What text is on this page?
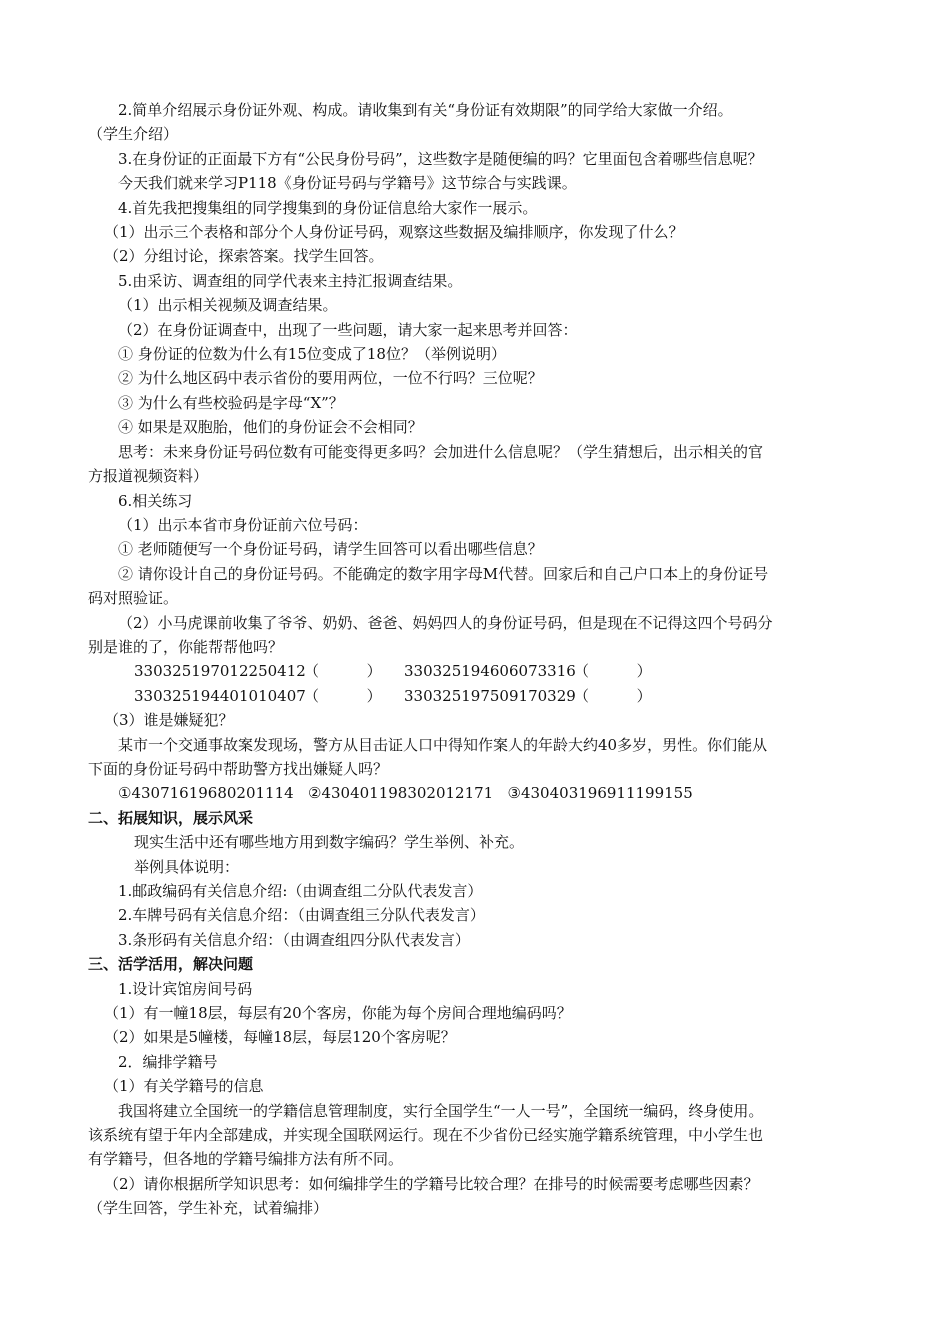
2.简单介绍展示身份证外观、构成。请收集到有关“身份证有效期限”的同学给大家做一介绍。

（学生介绍）

3.在身份证的正面最下方有“公民身份号码”，这些数字是随便编的吗？它里面包含着哪些信息呢？

今天我们就来学习P118《身份证号码与学籍号》这节综合与实践课。

4.首先我把搜集组的同学搜集到的身份证信息给大家作一展示。

（1）出示三个表格和部分个人身份证号码，观察这些数据及编排顺序，你发现了什么？

（2）分组讨论，探索答案。找学生回答。

5.由采访、调查组的同学代表来主持汇报调查结果。

（1）出示相关视频及调查结果。

（2）在身份证调查中，出现了一些问题，请大家一起来思考并回答：

① 身份证的位数为什么有15位变成了18位？（举例说明）

② 为什么地区码中表示省份的要用两位，一位不行吗？三位呢？

③ 为什么有些校验码是字母“X”？

④ 如果是双胞胎，他们的身份证会不会相同？

思考：未来身份证号码位数有可能变得更多吗？会加进什么信息呢？（学生猜想后，出示相关的官

方报道视频资料）

6.相关练习

（1）出示本省市身份证前六位号码：

① 老师随便写一个身份证号码，请学生回答可以看出哪些信息？

② 请你设计自己的身份证号码。不能确定的数字用字母M代替。回家后和自己户口本上的身份证号

码对照验证。

（2）小马虎课前收集了爷爷、奶奶、爸爸、妈妈四人的身份证号码，但是现在不记得这四个号码分

别是谁的了，你能帮帮他吗？

330325197012250412（          ） 330325194606073316（          ）
330325194401010407（          ） 330325197509170329（          ）

（3）谁是嫌疑犯？

某市一个交通事故案发现场，警方从目击证人口中得知作案人的年龄大约40多岁，男性。你们能从

下面的身份证号码中帮助警方找出嫌疑人吗？

①43071619680201114   ②430401198302012171   ③430403196911199155

二、拓展知识，展示风采

现实生活中还有哪些地方用到数字编码？学生举例、补充。

举例具体说明：

1.邮政编码有关信息介绍:（由调查组二分队代表发言）

2.车牌号码有关信息介绍：（由调查组三分队代表发言）

3.条形码有关信息介绍：（由调查组四分队代表发言）

三、活学活用，解决问题

1.设计宾馆房间号码

（1）有一幢18层，每层有20个客房，你能为每个房间合理地编码吗？

（2）如果是5幢楼，每幢18层，每层120个客房呢？

2．编排学籍号

（1）有关学籍号的信息

我国将建立全国统一的学籍信息管理制度，实行全国学生“一人一号”，全国统一编码，终身使用。

该系统有望于年内全部建成，并实现全国联网运行。现在不少省份已经实施学籍系统管理，中小学生也

有学籍号，但各地的学籍号编排方法有所不同。

（2）请你根据所学知识思考：如何编排学生的学籍号比较合理？在排号的时候需要考虑哪些因素？

（学生回答，学生补充，试着编排）
